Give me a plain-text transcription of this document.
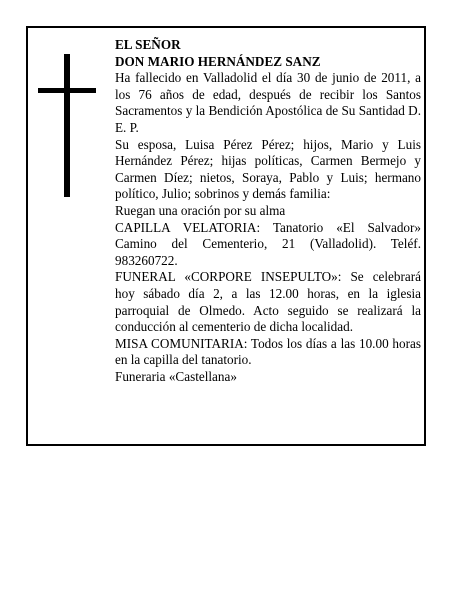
EL SEÑOR

DON MARIO HERNÁNDEZ SANZ

Ha fallecido en Valladolid el día 30 de junio de 2011, a los 76 años de edad, después de recibir los Santos Sacramentos y la Bendición Apostólica de Su Santidad D. E. P.

Su esposa, Luisa Pérez Pérez; hijos, Mario y Luis Hernández Pérez; hijas políticas, Carmen Bermejo y Carmen Díez; nietos, Soraya, Pablo y Luis; hermano político, Julio; sobrinos y demás familia:

Ruegan una oración por su alma

CAPILLA VELATORIA: Tanatorio «El Salvador» Camino del Cementerio, 21 (Valladolid). Teléf. 983260722.

FUNERAL «CORPORE INSEPULTO»: Se celebrará hoy sábado día 2, a las 12.00 horas, en la iglesia parroquial de Olmedo. Acto seguido se realizará la conducción al cementerio de dicha localidad.

MISA COMUNITARIA: Todos los días a las 10.00 horas en la capilla del tanatorio.

Funeraria «Castellana»
